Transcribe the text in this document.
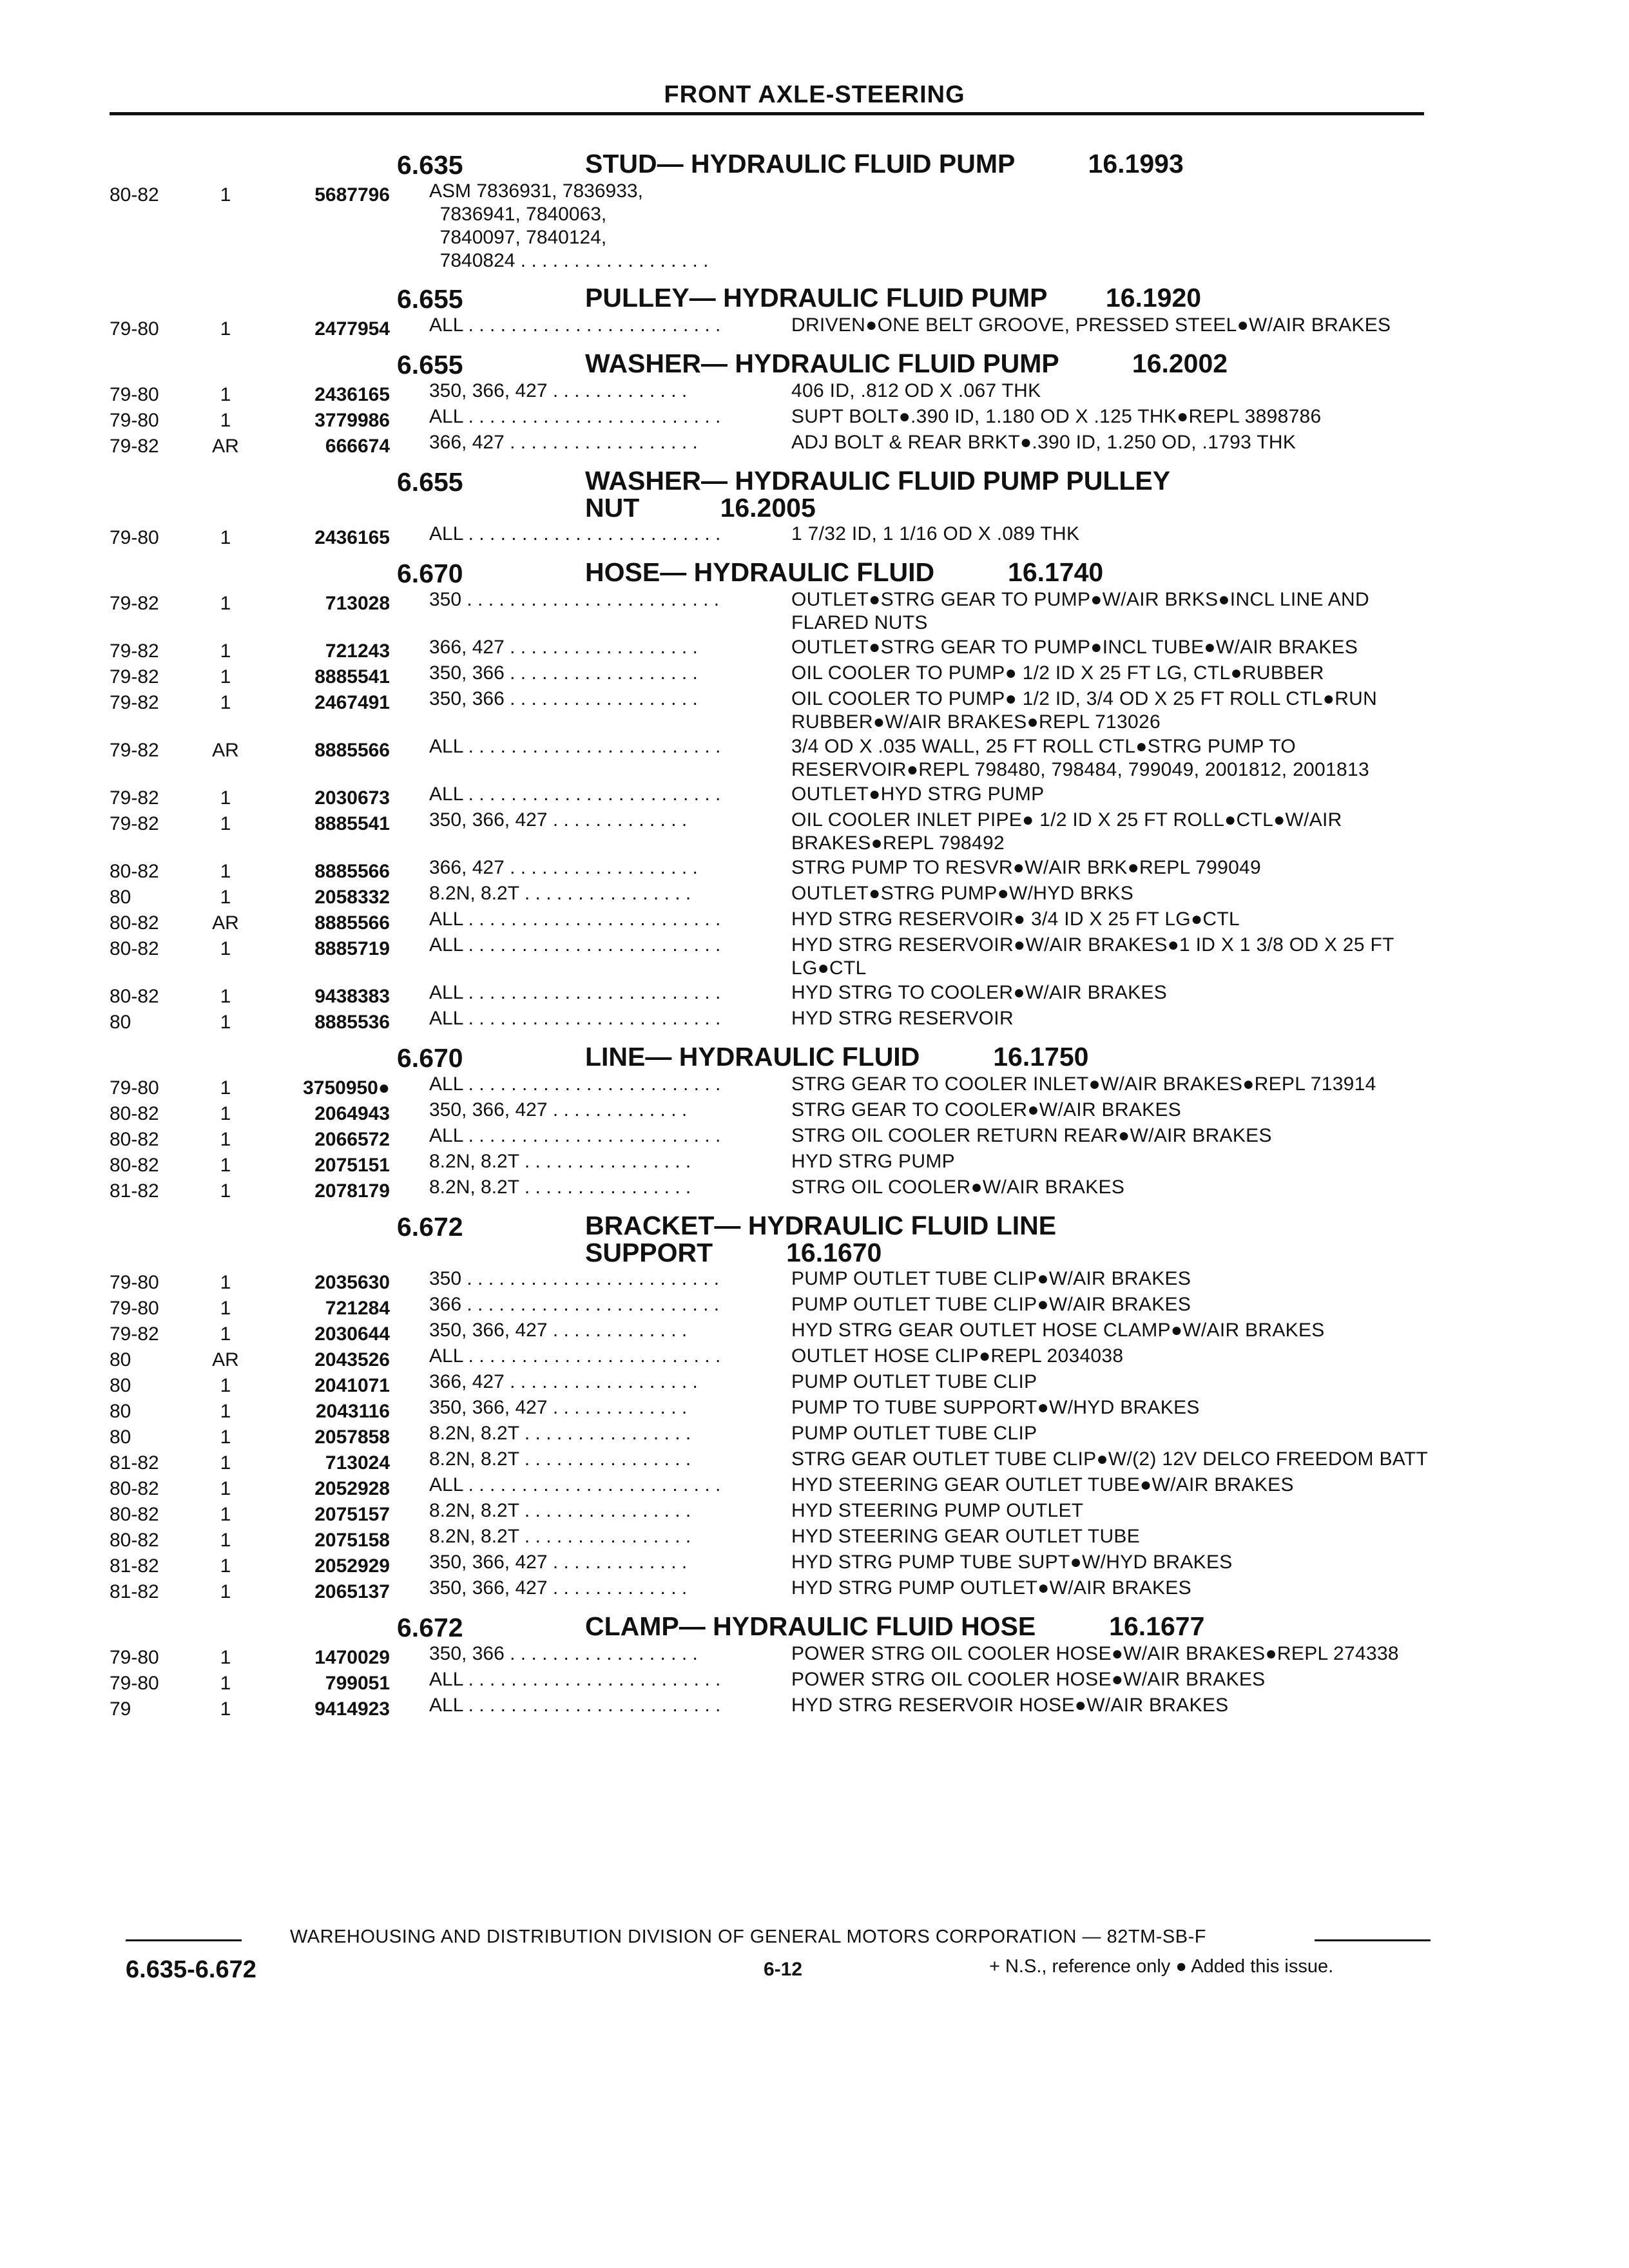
FRONT AXLE-STEERING
6.635	STUD— HYDRAULIC FLUID PUMP          16.1993
80-82	1	5687796 ASM 7836931, 7836933,
7836941, 7840063,
7840097, 7840124,
7840824 . . . . . . . . . . . . . . . . . .
6.655	PULLEY— HYDRAULIC FLUID PUMP        16.1920
79-80	1	2477954 ALL . . . . . . . . . . . . . . . . . . . . . . . .	DRIVEN●ONE BELT GROOVE, PRESSED STEEL●W/AIR BRAKES
6.655	WASHER— HYDRAULIC FLUID PUMP          16.2002
79-80	1	2436165 350, 366, 427 . . . . . . . . . . . . .	406 ID, .812 OD X .067 THK
79-80	1	3779986 ALL . . . . . . . . . . . . . . . . . . . . . . . .	SUPT BOLT●.390 ID, 1.180 OD X .125 THK●REPL 3898786
79-82	AR	666674 366, 427 . . . . . . . . . . . . . . . . . .	ADJ BOLT & REAR BRKT●.390 ID, 1.250 OD, .1793 THK
6.655	WASHER— HYDRAULIC FLUID PUMP PULLEY
NUT           16.2005
79-80	1	2436165 ALL . . . . . . . . . . . . . . . . . . . . . . . .	1 7/32 ID, 1 1/16 OD X .089 THK
6.670	HOSE— HYDRAULIC FLUID          16.1740
79-82	1	713028 350 . . . . . . . . . . . . . . . . . . . . . . . .	OUTLET●STRG GEAR TO PUMP●W/AIR BRKS●INCL LINE AND FLARED NUTS
79-82	1	721243 366, 427 . . . . . . . . . . . . . . . . . .	OUTLET●STRG GEAR TO PUMP●INCL TUBE●W/AIR BRAKES
79-82	1	8885541 350, 366 . . . . . . . . . . . . . . . . . .	OIL COOLER TO PUMP● 1/2 ID X 25 FT LG, CTL●RUBBER
79-82	1	2467491 350, 366 . . . . . . . . . . . . . . . . . .	OIL COOLER TO PUMP● 1/2 ID, 3/4 OD X 25 FT ROLL CTL●RUN RUBBER●W/AIR BRAKES●REPL 713026
79-82	AR	8885566 ALL . . . . . . . . . . . . . . . . . . . . . . . .	3/4 OD X .035 WALL, 25 FT ROLL CTL●STRG PUMP TO RESERVOIR●REPL 798480, 798484, 799049, 2001812, 2001813
79-82	1	2030673 ALL . . . . . . . . . . . . . . . . . . . . . . . .	OUTLET●HYD STRG PUMP
79-82	1	8885541 350, 366, 427 . . . . . . . . . . . . .	OIL COOLER INLET PIPE● 1/2 ID X 25 FT ROLL●CTL●W/AIR BRAKES●REPL 798492
80-82	1	8885566 366, 427 . . . . . . . . . . . . . . . . . .	STRG PUMP TO RESVR●W/AIR BRK●REPL 799049
80	1	2058332 8.2N, 8.2T . . . . . . . . . . . . . . . .	OUTLET●STRG PUMP●W/HYD BRKS
80-82	AR	8885566 ALL . . . . . . . . . . . . . . . . . . . . . . . .	HYD STRG RESERVOIR● 3/4 ID X 25 FT LG●CTL
80-82	1	8885719 ALL . . . . . . . . . . . . . . . . . . . . . . . .	HYD STRG RESERVOIR●W/AIR BRAKES●1 ID X 1 3/8 OD X 25 FT LG●CTL
80-82	1	9438383 ALL . . . . . . . . . . . . . . . . . . . . . . . .	HYD STRG TO COOLER●W/AIR BRAKES
80	1	8885536 ALL . . . . . . . . . . . . . . . . . . . . . . . .	HYD STRG RESERVOIR
6.670	LINE— HYDRAULIC FLUID          16.1750
79-80	1	3750950● ALL . . . . . . . . . . . . . . . . . . . . . . . .	STRG GEAR TO COOLER INLET●W/AIR BRAKES●REPL 713914
80-82	1	2064943 350, 366, 427 . . . . . . . . . . . . .	STRG GEAR TO COOLER●W/AIR BRAKES
80-82	1	2066572 ALL . . . . . . . . . . . . . . . . . . . . . . . .	STRG OIL COOLER RETURN REAR●W/AIR BRAKES
80-82	1	2075151 8.2N, 8.2T . . . . . . . . . . . . . . . .	HYD STRG PUMP
81-82	1	2078179 8.2N, 8.2T . . . . . . . . . . . . . . . .	STRG OIL COOLER●W/AIR BRAKES
6.672	BRACKET— HYDRAULIC FLUID LINE
SUPPORT          16.1670
79-80	1	2035630 350 . . . . . . . . . . . . . . . . . . . . . . . .	PUMP OUTLET TUBE CLIP●W/AIR BRAKES
79-80	1	721284 366 . . . . . . . . . . . . . . . . . . . . . . . .	PUMP OUTLET TUBE CLIP●W/AIR BRAKES
79-82	1	2030644 350, 366, 427 . . . . . . . . . . . . .	HYD STRG GEAR OUTLET HOSE CLAMP●W/AIR BRAKES
80	AR	2043526 ALL . . . . . . . . . . . . . . . . . . . . . . . .	OUTLET HOSE CLIP●REPL 2034038
80	1	2041071 366, 427 . . . . . . . . . . . . . . . . . .	PUMP OUTLET TUBE CLIP
80	1	2043116 350, 366, 427 . . . . . . . . . . . . .	PUMP TO TUBE SUPPORT●W/HYD BRAKES
80	1	2057858 8.2N, 8.2T . . . . . . . . . . . . . . . .	PUMP OUTLET TUBE CLIP
81-82	1	713024 8.2N, 8.2T . . . . . . . . . . . . . . . .	STRG GEAR OUTLET TUBE CLIP●W/(2) 12V DELCO FREEDOM BATT
80-82	1	2052928 ALL . . . . . . . . . . . . . . . . . . . . . . . .	HYD STEERING GEAR OUTLET TUBE●W/AIR BRAKES
80-82	1	2075157 8.2N, 8.2T . . . . . . . . . . . . . . . .	HYD STEERING PUMP OUTLET
80-82	1	2075158 8.2N, 8.2T . . . . . . . . . . . . . . . .	HYD STEERING GEAR OUTLET TUBE
81-82	1	2052929 350, 366, 427 . . . . . . . . . . . . .	HYD STRG PUMP TUBE SUPT●W/HYD BRAKES
81-82	1	2065137 350, 366, 427 . . . . . . . . . . . . .	HYD STRG PUMP OUTLET●W/AIR BRAKES
6.672	CLAMP— HYDRAULIC FLUID HOSE          16.1677
79-80	1	1470029 350, 366 . . . . . . . . . . . . . . . . . .	POWER STRG OIL COOLER HOSE●W/AIR BRAKES●REPL 274338
79-80	1	799051 ALL . . . . . . . . . . . . . . . . . . . . . . . .	POWER STRG OIL COOLER HOSE●W/AIR BRAKES
79	1	9414923 ALL . . . . . . . . . . . . . . . . . . . . . . . .	HYD STRG RESERVOIR HOSE●W/AIR BRAKES
WAREHOUSING AND DISTRIBUTION DIVISION OF GENERAL MOTORS CORPORATION — 82TM-SB-F
6.635-6.672	6-12	+ N.S., reference only ● Added this issue.
